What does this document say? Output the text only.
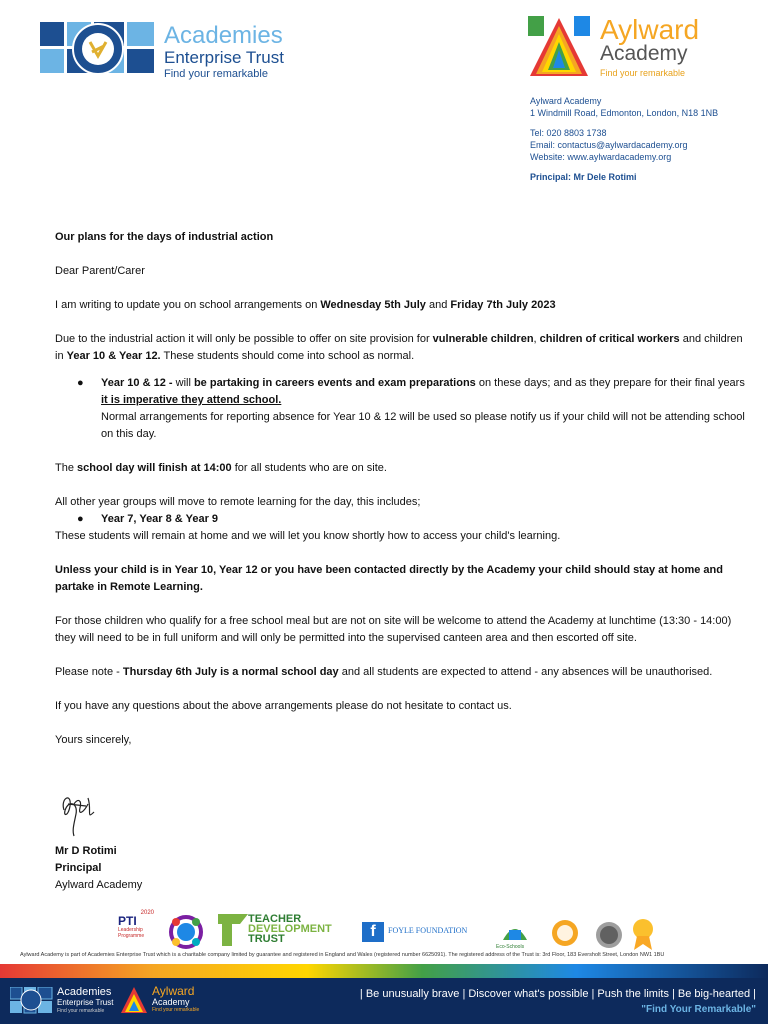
Academies
Enterprise Trust
Find your remarkable
Aylward
Academy
Find your remarkable
Aylward Academy
1 Windmill Road, Edmonton, London, N18 1NB
Tel: 020 8803 1738
Email: contactus@aylwardacademy.org
Website: www.aylwardacademy.org
Principal: Mr Dele Rotimi

Our plans for the days of industrial action

Dear Parent/Carer

I am writing to update you on school arrangements on Wednesday 5th July and Friday 7th July 2023

Due to the industrial action it will only be possible to offer on site provision for vulnerable children, children of critical workers and children in Year 10 & Year 12. These students should come into school as normal.

● Year 10 & 12 - will be partaking in careers events and exam preparations on these days; and as they prepare for their final years it is imperative they attend school.
Normal arrangements for reporting absence for Year 10 & 12 will be used so please notify us if your child will not be attending school on this day.

The school day will finish at 14:00 for all students who are on site.

All other year groups will move to remote learning for the day, this includes;

● Year 7, Year 8 & Year 9

These students will remain at home and we will let you know shortly how to access your child's learning.

Unless your child is in Year 10, Year 12 or you have been contacted directly by the Academy your child should stay at home and partake in Remote Learning.

For those children who qualify for a free school meal but are not on site will be welcome to attend the Academy at lunchtime (13:30 - 14:00) they will need to be in full uniform and will only be permitted into the supervised canteen area and then escorted off site.

Please note - Thursday 6th July is a normal school day and all students are expected to attend - any absences will be unauthorised.

If you have any questions about the above arrangements please do not hesitate to contact us.

Yours sincerely,

Mr D Rotimi
Principal
Aylward Academy
2020
PTI
Leadership Programme
TEACHER
DEVELOPMENT
TRUST	f	FOYLE FOUNDATION
Eco-Schools
Aylward Academy is part of Academies Enterprise Trust which is a charitable company limited by guarantee and registered in England and Wales (registered number 6625091). The registered address of the Trust is: 3rd Floor, 183 Eversholt Street, London NW1 1BU
Academies
Enterprise Trust
Find your remarkable
Aylward
Academy
Find your remarkable
| Be unusually brave | Discover what's possible | Push the limits | Be big-hearted |
"Find Your Remarkable"
